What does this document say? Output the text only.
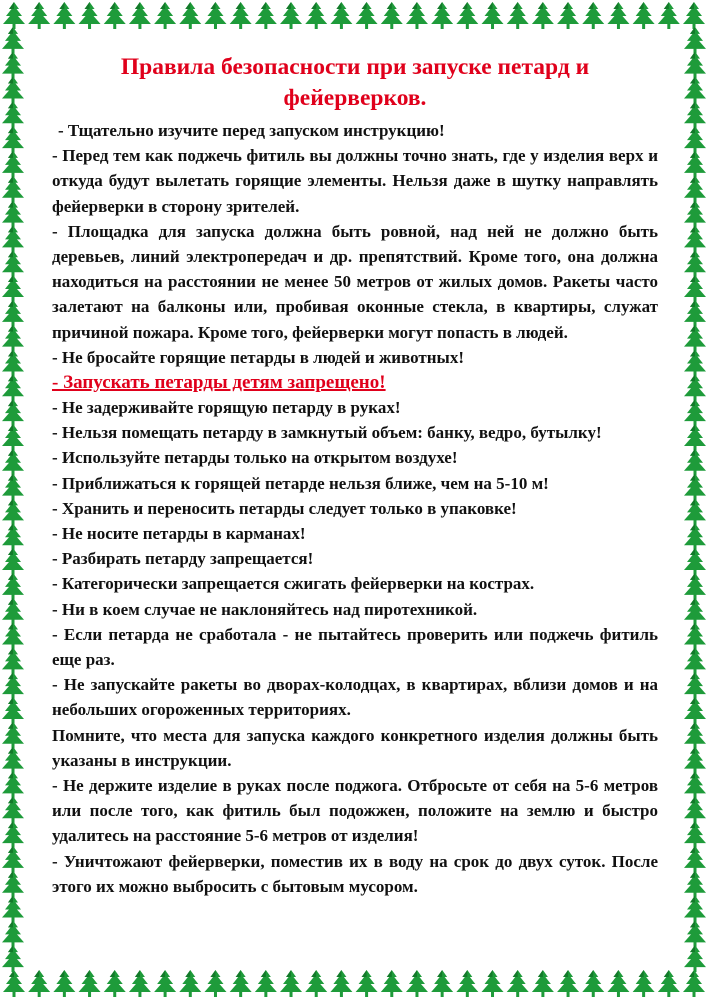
Правила безопасности при запуске петард и фейерверков.

- Тщательно изучите перед запуском инструкцию!

- Перед тем как поджечь фитиль вы должны точно знать, где у изделия верх и откуда будут вылетать горящие элементы. Нельзя даже в шутку направлять фейерверки в сторону зрителей.

- Площадка для запуска должна быть ровной, над ней не должно быть деревьев, линий электропередач и др. препятствий. Кроме того, она должна находиться на расстоянии не менее 50 метров от жилых домов. Ракеты часто залетают на балконы или, пробивая оконные стекла, в квартиры, служат причиной пожара. Кроме того, фейерверки могут попасть в людей.

- Не бросайте горящие петарды в людей и животных!

- Запускать петарды детям запрещено!

- Не задерживайте горящую петарду в руках!

- Нельзя помещать петарду в замкнутый объем: банку, ведро, бутылку!

- Используйте петарды только на открытом воздухе!

- Приближаться к горящей петарде нельзя ближе, чем на 5-10 м!

- Хранить и переносить петарды следует только в упаковке!

- Не носите петарды в карманах!

- Разбирать петарду запрещается!

- Категорически запрещается сжигать фейерверки на кострах.

- Ни в коем случае не наклоняйтесь над пиротехникой.

- Если петарда не сработала - не пытайтесь проверить или поджечь фитиль еще раз.

- Не запускайте ракеты во дворах-колодцах, в квартирах, вблизи домов и на небольших огороженных территориях.

Помните, что места для запуска каждого конкретного изделия должны быть указаны в инструкции.

- Не держите изделие в руках после поджога. Отбросьте от себя на 5-6 метров или после того, как фитиль был подожжен, положите на землю и быстро удалитесь на расстояние 5-6 метров от изделия!

- Уничтожают фейерверки, поместив их в воду на срок до двух суток. После этого их можно выбросить с бытовым мусором.
